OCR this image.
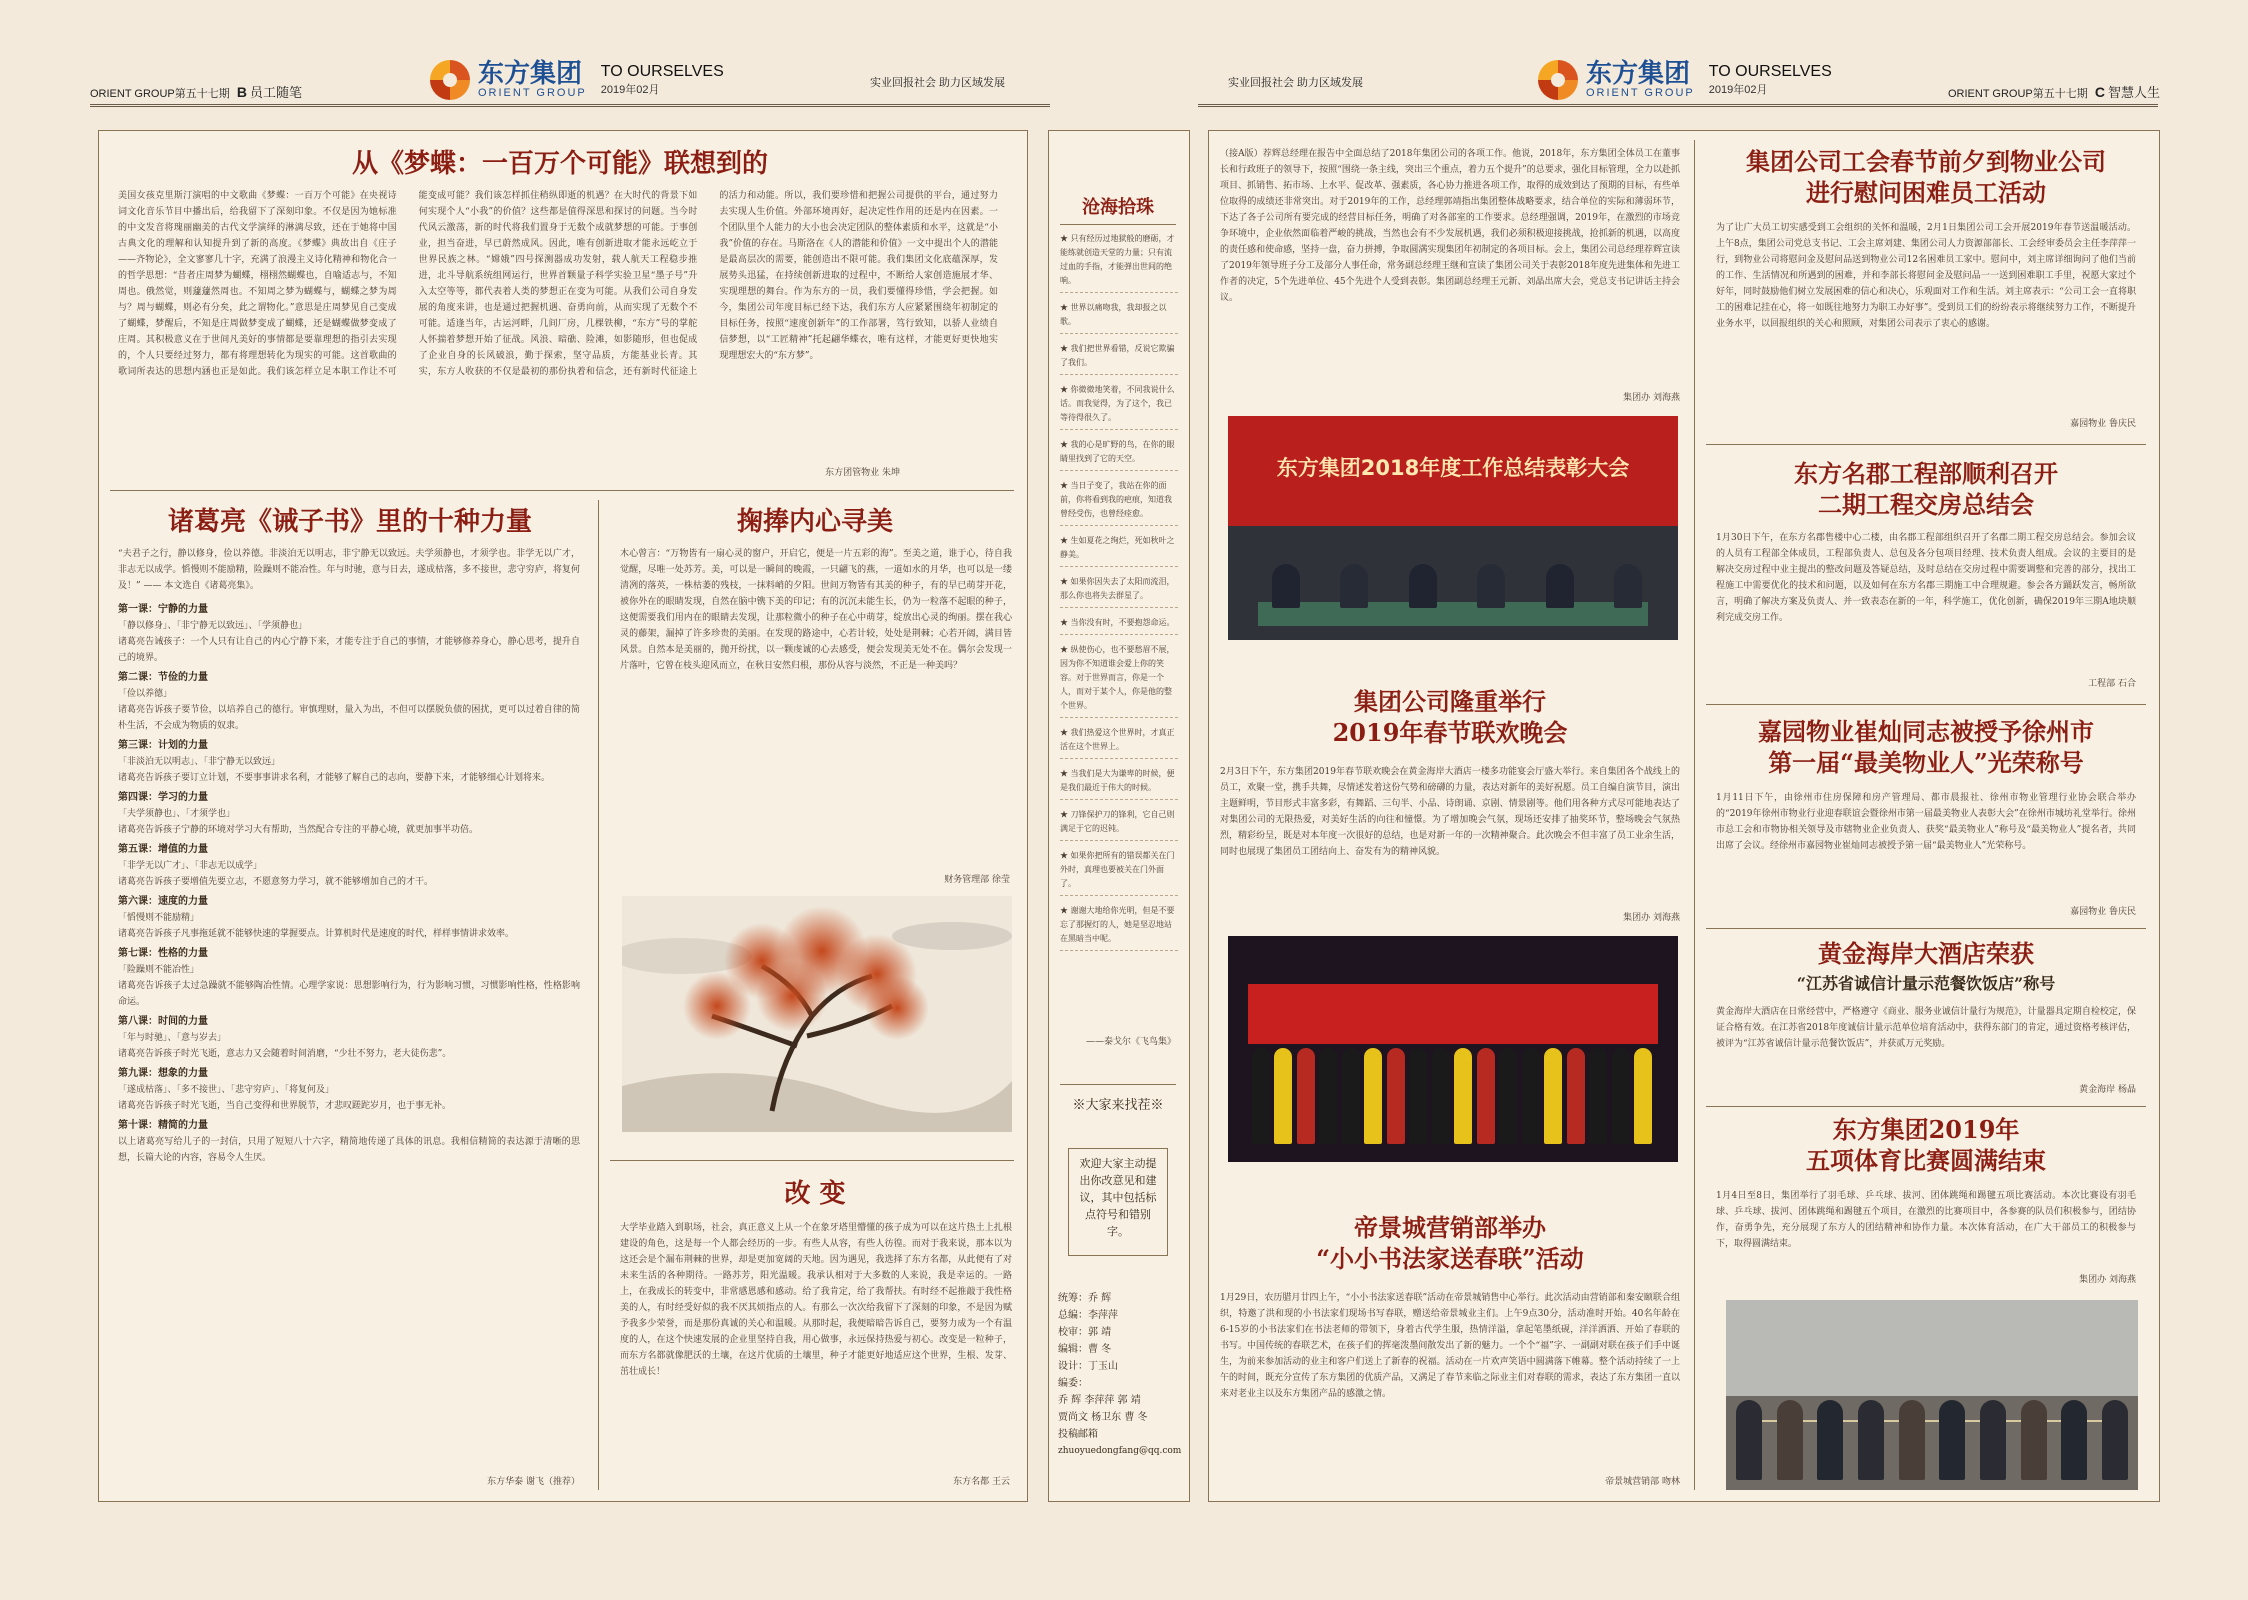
ORIENT GROUP第五十七期 B 员工随笔
东方集团
ORIENT GROUP
TO OURSELVES
2019年02月
实业回报社会 助力区域发展	实业回报社会 助力区域发展	东方集团
ORIENT GROUP
TO OURSELVES
2019年02月	ORIENT GROUP第五十七期 C 智慧人生
从《梦蝶：一百万个可能》联想到的
美国女孩克里斯汀演唱的中文歌曲《梦蝶：一百万个可能》在央视诗词文化音乐节目中播出后，给我留下了深刻印象。不仅是因为她标准的中文发音将瑰丽幽美的古代文学演绎的淋漓尽致，还在于她将中国古典文化的理解和认知提升到了新的高度。《梦蝶》典故出自《庄子——齐物论》，全文寥寥几十字，充满了浪漫主义诗化精神和物化合一的哲学思想：“昔者庄周梦为蝴蝶，栩栩然蝴蝶也，自喻适志与，不知周也。俄然觉，则蘧蘧然周也。不知周之梦为蝴蝶与，蝴蝶之梦为周与？周与蝴蝶，则必有分矣，此之谓物化。”意思是庄周梦见自己变成了蝴蝶，梦醒后，不知是庄周做梦变成了蝴蝶，还是蝴蝶做梦变成了庄周。其积极意义在于世间凡美好的事情都是要靠理想的指引去实现的，个人只要经过努力，都有将理想转化为现实的可能。这首歌曲的歌词所表达的思想内涵也正是如此。我们该怎样立足本职工作让不可能变成可能？我们该怎样抓住稍纵即逝的机遇？在大时代的背景下如何实现个人“小我”的价值？这些都是值得深思和探讨的问题。当今时代风云激荡，新的时代将我们置身于无数个成就梦想的可能。于事创业，担当奋进，早已蔚然成风。因此，唯有创新进取才能永远屹立于世界民族之林。“嫦娥”四号探测器成功发射，载人航天工程稳步推进，北斗导航系统组网运行，世界首颗量子科学实验卫星“墨子号”升入太空等等，都代表着人类的梦想正在变为可能。从我们公司自身发展的角度来讲，也是通过把握机遇、奋勇向前，从而实现了无数个不可能。适逢当年，古运河畔，几间厂房，几棵铁柳，“东方”号的掌舵人怀揣着梦想开始了征战。风浪、暗礁、险滩，如影随形，但也促成了企业自身的长风破浪，勤于探索，坚守品质，方能基业长青。其实，东方人收获的不仅是最初的那份执着和信念，还有新时代征途上的活力和动能。所以，我们要珍惜和把握公司提供的平台，通过努力去实现人生价值。外部环境再好，起决定性作用的还是内在因素。一个团队里个人能力的大小也会决定团队的整体素质和水平，这就是“小我”价值的存在。马斯洛在《人的潜能和价值》一文中提出个人的潜能是最高层次的需要，能创造出不限可能。我们集团文化底蕴深厚，发展势头迅猛，在持续创新进取的过程中，不断给人家创造施展才华、实现理想的舞台。作为东方的一员，我们要懂得珍惜，学会把握。如今，集团公司年度目标已经下达，我们东方人应紧紧围绕年初制定的目标任务，按照“速度创新年”的工作部署，笃行致知，以骄人业绩自信梦想，以“工匠精神”托起翩华蝶衣，唯有这样，才能更好更快地实现理想宏大的“东方梦”。
东方团管物业 朱坤
诸葛亮《诫子书》里的十种力量
“夫君子之行，静以修身，俭以养德。非淡泊无以明志，非宁静无以致远。夫学须静也，才须学也。非学无以广才，非志无以成学。慆慢则不能励精，险躁则不能冶性。年与时驰，意与日去，遂成枯落，多不接世，悲守穷庐，将复何及！” —— 本文选自《诸葛亮集》。
第一课：宁静的力量
「静以修身」、「非宁静无以致远」、「学须静也」
诸葛亮告诫孩子：一个人只有让自己的内心宁静下来，才能专注于自己的事情，才能够修养身心，静心思考，提升自己的境界。
第二课：节俭的力量
「俭以养德」
诸葛亮告诉孩子要节俭，以培养自己的德行。审慎理财，量入为出，不但可以摆脱负债的困扰，更可以过着自律的简朴生活，不会成为物质的奴隶。
第三课：计划的力量
「非淡泊无以明志」、「非宁静无以致远」
诸葛亮告诉孩子要订立计划，不要事事讲求名利，才能够了解自己的志向，要静下来，才能够细心计划将来。
第四课：学习的力量
「夫学须静也」、「才须学也」
诸葛亮告诉孩子宁静的环境对学习大有帮助，当然配合专注的平静心境，就更加事半功倍。
第五课：增值的力量
「非学无以广才」、「非志无以成学」
诸葛亮告诉孩子要增值先要立志，不愿意努力学习，就不能够增加自己的才干。
第六课：速度的力量
「慆慢则不能励精」
诸葛亮告诉孩子凡事拖延就不能够快速的掌握要点。计算机时代是速度的时代，样样事情讲求效率。
第七课：性格的力量
「险躁则不能冶性」
诸葛亮告诉孩子太过急躁就不能够陶冶性情。心理学家说：思想影响行为，行为影响习惯，习惯影响性格，性格影响命运。
第八课：时间的力量
「年与时驰」、「意与岁去」
诸葛亮告诉孩子时光飞逝，意志力又会随着时间消磨，“少壮不努力，老大徒伤悲”。
第九课：想象的力量
「遂成枯落」、「多不接世」、「悲守穷庐」、「将复何及」
诸葛亮告诉孩子时光飞逝，当自己变得和世界脱节，才悲叹蹉跎岁月，也于事无补。
第十课：精简的力量
以上诸葛亮写给儿子的一封信，只用了短短八十六字，精简地传递了具体的讯息。我相信精简的表达源于清晰的思想，长篇大论的内容，容易令人生厌。
东方华泰 谢飞（推荐）
掬捧内心寻美
木心曾言：“万物皆有一扇心灵的窗户，开启它，便是一片五彩的海”。至美之道，谁于心，待自我觉醒，尽唯一处苏芳。美，可以是一瞬间的晚霞，一只翩飞的燕，一道如水的月华，也可以是一缕清冽的落英，一株枯萎的残枝，一抹料峭的夕阳。世间万物皆有其美的种子，有的早已萌芽开花，被你外在的眼睛发现，自然在脑中镌下美的印记；有的沉沉未能生长，仍为一粒落不起眼的种子，这便需要我们用内在的眼睛去发现，让那粒微小的种子在心中萌芽，绽放出心灵的绚丽。摆在我心灵的藤架，漏掉了许多珍贵的美丽。在发现的路途中，心若计较，处处是荆棘；心若开阔，满目皆风景。自然本是美丽的，抛开纷扰，以一颗虔诚的心去感受，便会发现美无处不在。偶尔会发现一片落叶，它曾在枝头迎风而立，在秋日安然归根，那份从容与淡然，不正是一种美吗？
财务管理部 徐莹
改 变
大学毕业踏入到职场，社会，真正意义上从一个在象牙塔里懵懂的孩子成为可以在这片热土上扎根建设的角色，这是每一个人都会经历的一步。有些人从容，有些人彷徨。而对于我来说，那本以为这还会是个漏布荆棘的世界，却是更加宽阔的天地。因为遇见，我选择了东方名都，从此便有了对未来生活的各种期待。一路苏芳，阳光温暖。我承认相对于大多数的人来说，我是幸运的。一路上，在我成长的转变中，非常感恩感和感动。给了我肯定，给了我帮扶。有时经不起推敲于我性格美的人，有时经受好似的我不厌其烦指点的人。有那么一次次给我留下了深刻的印象，不是因为赋予我多少荣誉，而是那份真诚的关心和温暖。从那时起，我便暗暗告诉自己，要努力成为一个有温度的人，在这个快速发展的企业里坚持自我，用心做事，永远保持热爱与初心。改变是一粒种子，而东方名都就像肥沃的土壤，在这片优质的土壤里，种子才能更好地适应这个世界，生根、发芽、茁壮成长！
东方名都 王云
沧海拾珠
★ 只有经历过地狱般的磨砺，才能练就创造天堂的力量；只有流过血的手指，才能弹出世间的绝响。
★ 世界以痛吻我，我却报之以歌。
★ 我们把世界看错，反说它欺骗了我们。
★ 你微微地笑着，不同我说什么话。而我觉得，为了这个，我已等待得很久了。
★ 我的心是旷野的鸟，在你的眼睛里找到了它的天空。
★ 当日子变了，我站在你的面前，你将看到我的疤痕，知道我曾经受伤，也曾经痊愈。
★ 生如夏花之绚烂，死如秋叶之静美。
★ 如果你因失去了太阳而流泪，那么你也将失去群星了。
★ 当你没有时，不要抱怨命运。
★ 纵使伤心，也不要愁眉不展，因为你不知道谁会爱上你的笑容。对于世界而言，你是一个人，而对于某个人，你是他的整个世界。
★ 我们热爱这个世界时，才真正活在这个世界上。
★ 当我们是大为谦卑的时候，便是我们最近于伟大的时候。
★ 刀锋保护刀的锋利，它自己则满足于它的迟钝。
★ 如果你把所有的错误都关在门外时，真理也要被关在门外面了。
★ 谢谢大地给你光明，但是不要忘了那握灯的人，她是坚忍地站在黑暗当中呢。
——泰戈尔《飞鸟集》
※大家来找茬※
欢迎大家主动提出你改意见和建议，其中包括标点符号和错别字。
统筹：乔 辉
总编：李萍萍
校审：郭 靖
编辑：曹 冬
设计：丁玉山
编委：
乔 辉 李萍萍 郭 靖
贾尚文 杨卫东 曹 冬
投稿邮箱
zhuoyuedongfang@qq.com
（接A版）荐辉总经理在报告中全面总结了2018年集团公司的各项工作。他说，2018年，东方集团全体员工在董事长和行政班子的领导下，按照“围绕一条主线，突出三个重点，着力五个提升”的总要求，强化目标管理，全力以赴抓项目、抓销售、拓市场、上水平、促改革、强素质，各心协力推进各项工作，取得的成效到达了预期的目标，有些单位取得的成绩还非常突出。对于2019年的工作，总经理郭靖指出集团整体战略要求，结合单位的实际和薄弱环节，下达了各子公司所有要完成的经营目标任务，明确了对各部室的工作要求。总经理强调，2019年，在激烈的市场竞争环境中，企业依然面临着严峻的挑战，当然也会有不少发展机遇，我们必须积极迎接挑战，抢抓新的机遇，以高度的责任感和使命感，坚持一盘，奋力拼搏，争取圆满实现集团年初制定的各项目标。会上，集团公司总经理荐辉宣读了2019年领导班子分工及部分人事任命，常务副总经理王继和宣读了集团公司关于表彰2018年度先进集体和先进工作者的决定，5个先进单位、45个先进个人受到表彰。集团副总经理王元新、刘晶出席大会，党总支书记讲话主持会议。
集团办 刘海燕
东方集团2018年度工作总结表彰大会
集团公司隆重举行
2019年春节联欢晚会
2月3日下午，东方集团2019年春节联欢晚会在黄金海岸大酒店一楼多功能宴会厅盛大举行。来自集团各个战线上的员工，欢聚一堂，携手共舞，尽情述发着这份气势和磅礴的力量，表达对新年的美好祝愿。员工自编自演节目，演出主题鲜明，节目形式丰富多彩，有舞蹈、三句半、小品、诗朗诵、京剧、情景剧等。他们用各种方式尽可能地表达了对集团公司的无限热爱，对美好生活的向往和憧憬。为了增加晚会气氛，现场还安排了抽奖环节，整场晚会气氛热烈，精彩纷呈，既是对本年度一次很好的总结，也是对新一年的一次精神聚合。此次晚会不但丰富了员工业余生活，同时也展现了集团员工团结向上、奋发有为的精神风貌。
集团办 刘海燕
帝景城营销部举办
“小小书法家送春联”活动
1月29日，农历腊月廿四上午，“小小书法家送春联”活动在帝景城销售中心举行。此次活动由营销部和秦安颐联合组织，特邀了洪和现的小书法家们现场书写春联，赠送给帝景城业主们。上午9点30分，活动准时开始。40名年龄在6-15岁的小书法家们在书法老师的带领下，身着古代学生服，热情洋溢，拿起笔墨纸砚，洋洋洒洒、开始了春联的书写。中国传统的春联艺术，在孩子们的挥毫泼墨间散发出了新的魅力。一个个“福”字、一副副对联在孩子们手中诞生，为前来参加活动的业主和客户们送上了新春的祝福。活动在一片欢声笑语中圆满落下帷幕。整个活动持续了一上午的时间，既充分宣传了东方集团的优质产品，又满足了春节来临之际业主们对春联的需求，表达了东方集团一直以来对老业主以及东方集团产品的感激之情。
帝景城营销部 吻林
集团公司工会春节前夕到物业公司
进行慰问困难员工活动
为了让广大员工切实感受到工会组织的关怀和温暖，2月1日集团公司工会开展2019年春节送温暖活动。上午8点，集团公司党总支书记、工会主席刘建、集团公司人力资源部部长、工会经审委员会主任李萍萍一行，到物业公司将慰问金及慰问品送到物业公司12名困难员工家中。慰问中，刘主席详细询问了他们当前的工作、生活情况和所遇到的困难，并和李部长将慰问金及慰问品一一送到困难职工手里，祝愿大家过个好年，同时鼓励他们树立发展困难的信心和决心，乐观面对工作和生活。刘主席表示：“公司工会一直将职工的困难记挂在心，将一如既往地努力为职工办好事”。受到员工们的纷纷表示将继续努力工作，不断提升业务水平，以回报组织的关心和照顾，对集团公司表示了衷心的感谢。
嘉园物业 鲁庆民
东方名郡工程部顺利召开
二期工程交房总结会
1月30日下午，在东方名郡售楼中心二楼，由名郡工程部组织召开了名郡二期工程交房总结会。参加会议的人员有工程部全体成员，工程部负责人、总包及各分包项目经理、技术负责人组成。会议的主要目的是解决交房过程中业主提出的整改问题及答疑总结，及时总结在交房过程中需要调整和完善的部分，找出工程施工中需要优化的技术和问题，以及如何在东方名郡三期施工中合理规避。参会各方踊跃发言，畅所欲言，明确了解决方案及负责人、并一致表态在新的一年，科学施工，优化创新，确保2019年三期A地块顺利完成交房工作。
工程部 石合
嘉园物业崔灿同志被授予徐州市
第一届“最美物业人”光荣称号
1月11日下午，由徐州市住房保障和房产管理局、都市晨报社、徐州市物业管理行业协会联合举办的“2019年徐州市物业行业迎春联谊会暨徐州市第一届最美物业人表彰大会”在徐州市城坊礼堂举行。徐州市总工会和市物协相关领导及市辖物业企业负责人、获奖“最美物业人”称号及“最美物业人”提名者，共同出席了会议。经徐州市嘉园物业崔灿同志被授予第一届“最美物业人”光荣称号。
嘉园物业 鲁庆民
黄金海岸大酒店荣获
“江苏省诚信计量示范餐饮饭店”称号
黄金海岸大酒店在日常经营中，严格遵守《商业、服务业诚信计量行为规范》，计量器具定期自检校定，保证合格有效。在江苏省2018年度诚信计量示范单位培育活动中，获得东部门的肯定，通过资格考核评估，被评为“江苏省诚信计量示范餐饮饭店”，并获贰万元奖励。
黄金海岸 杨晶
东方集团2019年
五项体育比赛圆满结束
1月4日至8日，集团举行了羽毛球、乒乓球、拔河、团体跳绳和踢毽五项比赛活动。本次比赛设有羽毛球、乒乓球、拔河、团体跳绳和踢毽五个项目，在激烈的比赛项目中，各参赛的队员们积极参与，团结协作，奋勇争先，充分展现了东方人的团结精神和协作力量。本次体育活动，在广大干部员工的积极参与下，取得圆满结束。
集团办 刘海燕
